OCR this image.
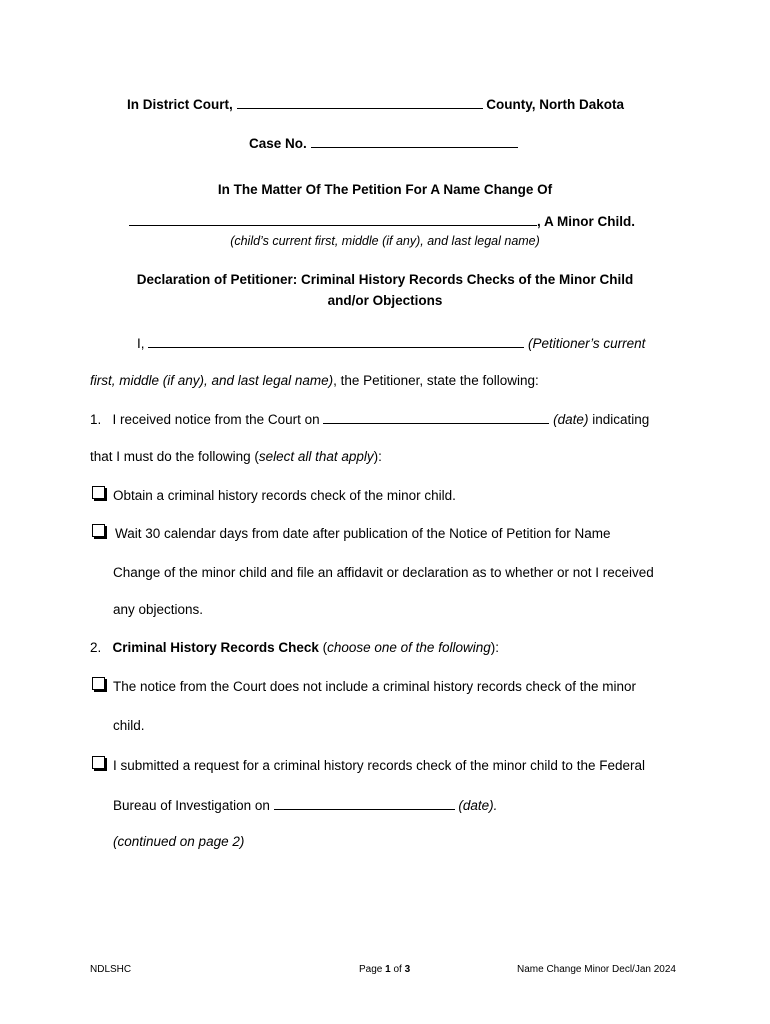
In District Court,	County, North Dakota
Case No.
In The Matter Of The Petition For A Name Change Of
, A Minor Child.
(child’s current first, middle (if any), and last legal name)
Declaration of Petitioner: Criminal History Records Checks of the Minor Child
and/or Objections
I,	(Petitioner’s current
first, middle (if any), and last legal name), the Petitioner, state the following:
1. I received notice from the Court on	(date) indicating
that I must do the following (select all that apply):
Obtain a criminal history records check of the minor child.
Wait 30 calendar days from date after publication of the Notice of Petition for Name
Change of the minor child and file an affidavit or declaration as to whether or not I received
any objections.
2. Criminal History Records Check (choose one of the following):
The notice from the Court does not include a criminal history records check of the minor
child.
I submitted a request for a criminal history records check of the minor child to the Federal
Bureau of Investigation on	(date).
(continued on page 2)
NDLSHC	Page 1 of 3	Name Change Minor Decl/Jan 2024
